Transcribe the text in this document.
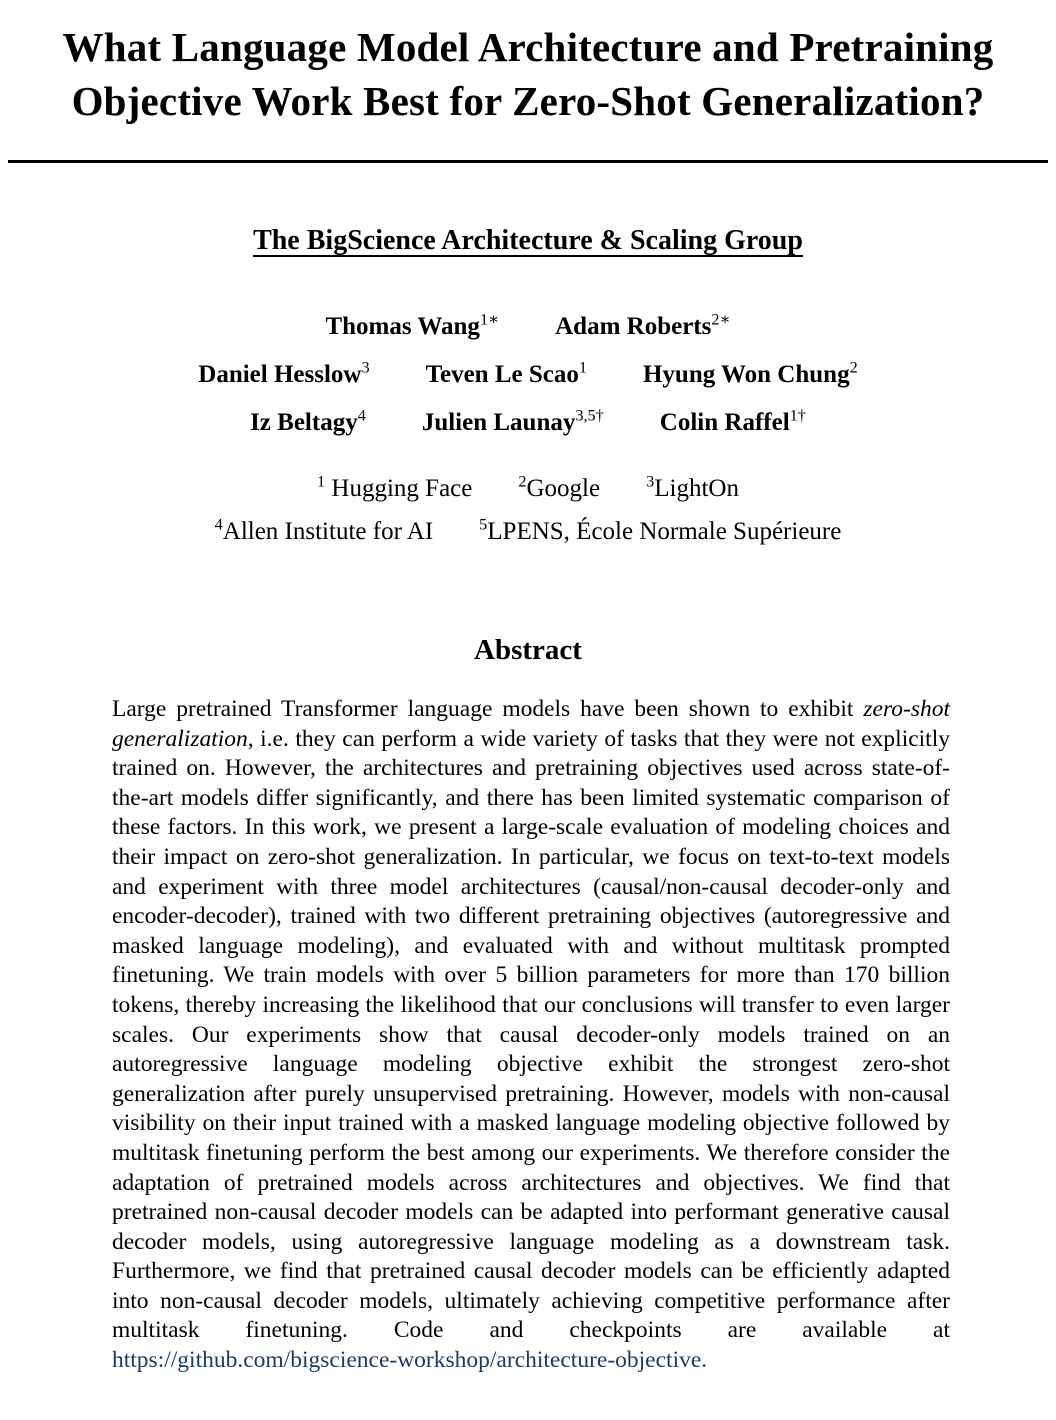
What Language Model Architecture and Pretraining
Objective Work Best for Zero-Shot Generalization?
The BigScience Architecture & Scaling Group
Thomas Wang$^{1∗}$ Adam Roberts$^{2∗}$
Daniel Hesslow$^3$ Teven Le Scao$^1$ Hyung Won Chung$^2$
Iz Beltagy$^4$ Julien Launay$^{3,5\dagger}$ Colin Raffel$^{1\dagger}$
$^1$ Hugging Face	$^2$Google	$^3$LightOn
$^4$Allen Institute for AI	$^5$LPENS, École Normale Supérieure
Abstract

Large pretrained Transformer language models have been shown to exhibit zero-shot generalization, i.e. they can perform a wide variety of tasks that they were not explicitly trained on. However, the architectures and pretraining objectives used across state-of-the-art models differ significantly, and there has been limited systematic comparison of these factors. In this work, we present a large-scale evaluation of modeling choices and their impact on zero-shot generalization. In particular, we focus on text-to-text models and experiment with three model architectures (causal/non-causal decoder-only and encoder-decoder), trained with two different pretraining objectives (autoregressive and masked language modeling), and evaluated with and without multitask prompted finetuning. We train models with over 5 billion parameters for more than 170 billion tokens, thereby increasing the likelihood that our conclusions will transfer to even larger scales. Our experiments show that causal decoder-only models trained on an autoregressive language modeling objective exhibit the strongest zero-shot generalization after purely unsupervised pretraining. However, models with non-causal visibility on their input trained with a masked language modeling objective followed by multitask finetuning perform the best among our experiments. We therefore consider the adaptation of pretrained models across architectures and objectives. We find that pretrained non-causal decoder models can be adapted into performant generative causal decoder models, using autoregressive language modeling as a downstream task. Furthermore, we find that pretrained causal decoder models can be efficiently adapted into non-causal decoder models, ultimately achieving competitive performance after multitask finetuning. Code and checkpoints are available at https://github.com/bigscience-workshop/architecture-objective.
